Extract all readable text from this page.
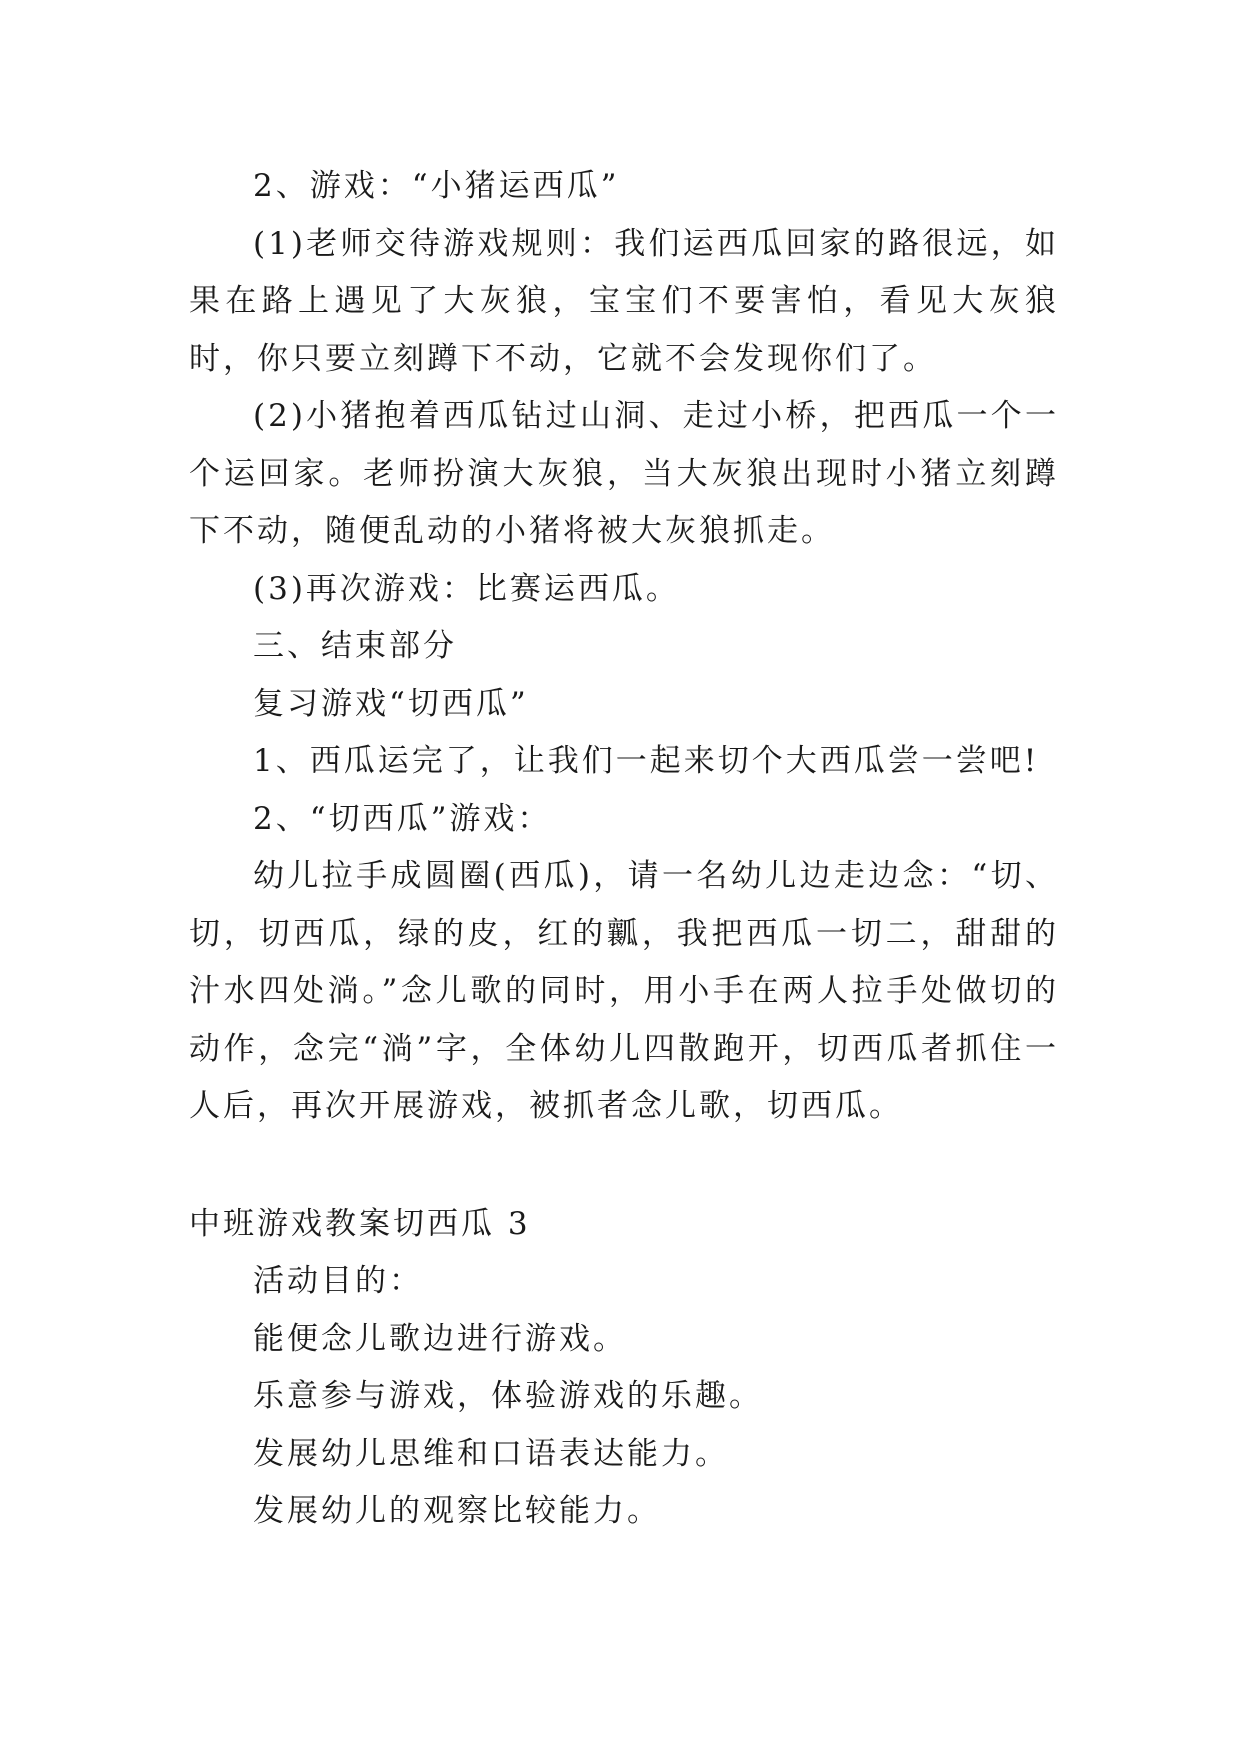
2、游戏：“小猪运西瓜”

(1)老师交待游戏规则：我们运西瓜回家的路很远，如果在路上遇见了大灰狼，宝宝们不要害怕，看见大灰狼时，你只要立刻蹲下不动，它就不会发现你们了。

(2)小猪抱着西瓜钻过山洞、走过小桥，把西瓜一个一个运回家。老师扮演大灰狼，当大灰狼出现时小猪立刻蹲下不动，随便乱动的小猪将被大灰狼抓走。

(3)再次游戏：比赛运西瓜。

三、结束部分

复习游戏“切西瓜”

1、西瓜运完了，让我们一起来切个大西瓜尝一尝吧!

2、“切西瓜”游戏：

幼儿拉手成圆圈(西瓜)，请一名幼儿边走边念：“切、切，切西瓜，绿的皮，红的瓤，我把西瓜一切二，甜甜的汁水四处淌。”念儿歌的同时，用小手在两人拉手处做切的动作，念完“淌”字，全体幼儿四散跑开，切西瓜者抓住一人后，再次开展游戏，被抓者念儿歌，切西瓜。

中班游戏教案切西瓜 3

活动目的：

能便念儿歌边进行游戏。

乐意参与游戏，体验游戏的乐趣。

发展幼儿思维和口语表达能力。

发展幼儿的观察比较能力。
